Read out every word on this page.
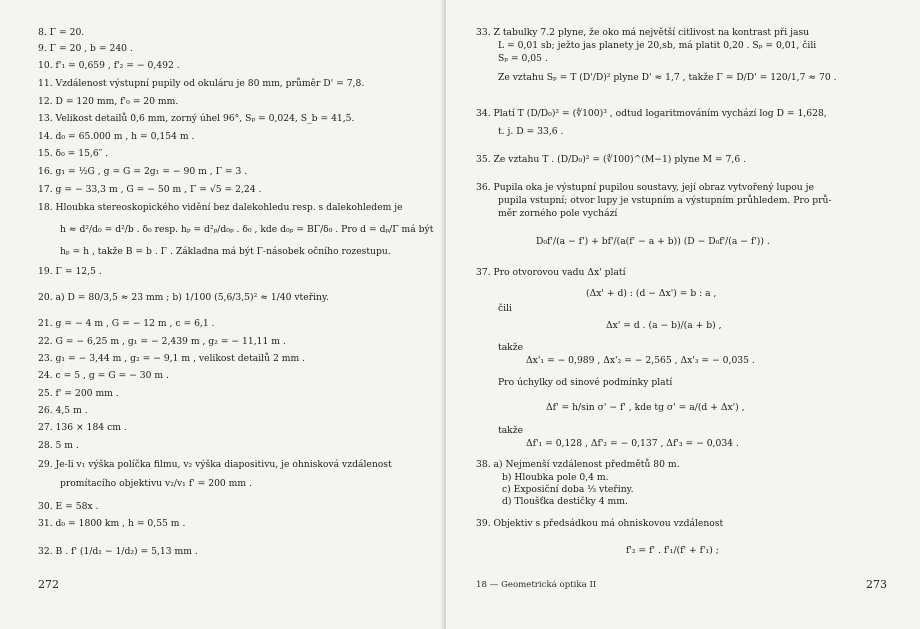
8. Γ = 20.
9. Γ = 20 , b = 240 .
10. f'₁ = 0,659 , f'₂ = − 0,492 .
11. Vzdálenost výstupní pupily od okuláru je 80 mm, průměr D' = 7,8.
12. D = 120 mm, f'₀ = 20 mm.
13. Velikost detailů 0,6 mm, zorný úhel 96°, Sₚ = 0,024, S_b = 41,5.
14. d₀ = 65.000 m , h = 0,154 m .
15. δ₀ = 15,6″ .
16. g₁ = ½G , g = G = 2g₁ = − 90 m , Γ = 3 .
17. g = − 33,3 m , G = − 50 m , Γ = √5 = 2,24 .
18. Hloubka stereoskopického vidění bez dalekohledu resp. s dalekohledem je
h ≈ d²/d₀ = d²/b . δ₀ resp. hₚ = d²ₚ/d₀ₚ . δ₀ , kde d₀ₚ = BΓ/δ₀ . Pro d = dₚ/Γ má být
hₚ = h , takže B = b . Γ . Základna má být Γ-násobek očního rozestupu.
19. Γ = 12,5 .
20. a) D = 80/3,5 ≈ 23 mm ; b) 1/100 (5,6/3,5)² ≈ 1/40 vteřiny.
21. g = − 4 m , G = − 12 m , c = 6,1 .
22. G = − 6,25 m , g₁ = − 2,439 m , g₂ = − 11,11 m .
23. g₁ = − 3,44 m , g₂ = − 9,1 m , velikost detailů 2 mm .
24. c = 5 , g = G = − 30 m .
25. f' = 200 mm .
26. 4,5 m .
27. 136 × 184 cm .
28. 5 m .
29. Je-li v₁ výška políčka filmu, v₂ výška diapositivu, je ohnisková vzdálenost
promítacího objektivu v₂/v₁ f' = 200 mm .
30. E = 58x .
31. d₀ = 1800 km , h = 0,55 m .
32. B . f' (1/d₁ − 1/d₂) = 5,13 mm .
272
33. Z tabulky 7.2 plyne, že oko má největší citlivost na kontrast při jasu
L = 0,01 sb; ježto jas planety je 20,sb, má platit 0,20 . Sₚ = 0,01, čili
Sₚ = 0,05 .
Ze vztahu Sₚ = T (D'/D)² plyne D' ≈ 1,7 , takže Γ = D/D' = 120/1,7 ≈ 70 .
34. Platí T (D/D₀)² = (∜100)³ , odtud logaritmováním vychází log D = 1,628,
t. j. D = 33,6 .
35. Ze vztahu T . (D/D₀)² = (∜100)^(M−1) plyne M = 7,6 .
36. Pupila oka je výstupní pupilou soustavy, její obraz vytvořený lupou je
pupila vstupní; otvor lupy je vstupním a výstupním průhledem. Pro prů-
měr zorného pole vychází
D₀f'/(a − f') + bf'/(a(f' − a + b)) (D − D₀f'/(a − f')) .
37. Pro otvorovou vadu Δx' platí
(Δx' + d) : (d − Δx') = b : a ,
čili
Δx' = d . (a − b)/(a + b) ,
takže
Δx'₁ = − 0,989 , Δx'₂ = − 2,565 , Δx'₃ = − 0,035 .
Pro úchylky od sinové podmínky platí
Δf' = h/sin σ' − f' , kde tg σ' = a/(d + Δx') ,
takže
Δf'₁ = 0,128 , Δf'₂ = − 0,137 , Δf'₃ = − 0,034 .
38. a) Nejmenší vzdálenost předmětů 80 m.
b) Hloubka pole 0,4 m.
c) Exposiční doba ⅓ vteřiny.
d) Tloušťka destičky 4 mm.
39. Objektiv s předsádkou má ohniskovou vzdálenost
f'₂ = f' . f'₁/(f' + f'₁) ;
18 — Geometrická optika II	273
